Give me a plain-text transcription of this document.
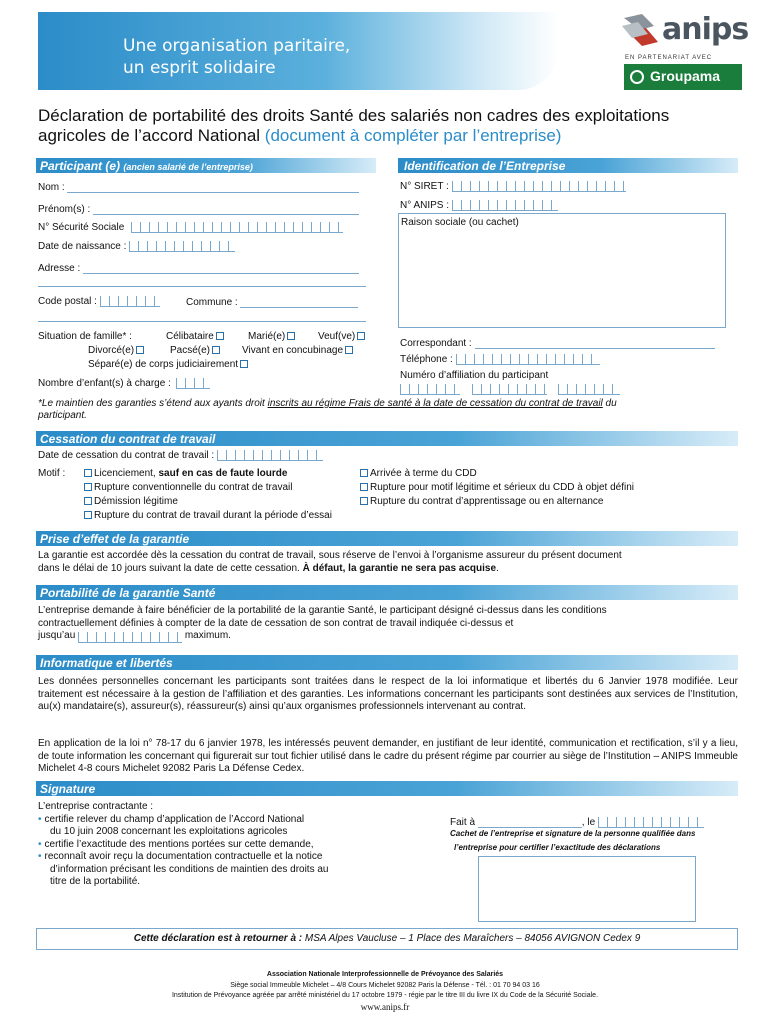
Une organisation paritaire,
un esprit solidaire
anips
EN PARTENARIAT AVEC
Groupama
Déclaration de portabilité des droits Santé des salariés non cadres des exploitations agricoles de l’accord National (document à compléter par l’entreprise)
Participant (e) (ancien salarié de l’entreprise)	Identification de l’Entreprise
Nom :
Prénom(s) :
N° Sécurité Sociale
Date de naissance :
Adresse :
Code postal :	Commune :
Situation de famille* :	Célibataire	Marié(e)	Veuf(ve)
Divorcé(e)	Pacsé(e)	Vivant en concubinage
Séparé(e) de corps judiciairement
Nombre d’enfant(s) à charge :
N° SIRET :
N° ANIPS :
Raison sociale (ou cachet)
Correspondant :
Téléphone :
Numéro d’affiliation du participant
*Le maintien des garanties s’étend aux ayants droit inscrits au régime Frais de santé à la date de cessation du contrat de travail du
participant.
Cessation du contrat de travail
Date de cessation du contrat de travail :
Motif :	Licenciement, sauf en cas de faute lourde
Rupture conventionnelle du contrat de travail
Démission légitime
Rupture du contrat de travail durant la période d’essai
Arrivée à terme du CDD
Rupture pour motif légitime et sérieux du CDD à objet défini
Rupture du contrat d’apprentissage ou en alternance
Prise d’effet de la garantie
La garantie est accordée dès la cessation du contrat de travail, sous réserve de l’envoi à l’organisme assureur du présent document
dans le délai de 10 jours suivant la date de cette cessation. À défaut, la garantie ne sera pas acquise.
Portabilité de la garantie Santé
L’entreprise demande à faire bénéficier de la portabilité de la garantie Santé, le participant désigné ci-dessus dans les conditions
contractuellement définies à compter de la date de cessation de son contrat de travail indiquée ci-dessus et
jusqu’au	maximum.
Informatique et libertés
Les données personnelles concernant les participants sont traitées dans le respect de la loi informatique et libertés du 6 Janvier 1978 modifiée. Leur traitement est nécessaire à la gestion de l’affiliation et des garanties. Les informations concernant les participants sont destinées aux services de l’Institution, au(x) mandataire(s), assureur(s), réassureur(s) ainsi qu’aux organismes professionnels intervenant au contrat.
En application de la loi n° 78-17 du 6 janvier 1978, les intéressés peuvent demander, en justifiant de leur identité, communication et rectification, s’il y a lieu, de toute information les concernant qui figurerait sur tout fichier utilisé dans le cadre du présent régime par courrier au siège de l’Institution – ANIPS Immeuble Michelet 4-8 cours Michelet 92082 Paris La Défense Cedex.
Signature
L’entreprise contractante :
• certifie relever du champ d’application de l’Accord National
du 10 juin 2008 concernant les exploitations agricoles
• certifie l’exactitude des mentions portées sur cette demande,
• reconnaît avoir reçu la documentation contractuelle et la notice
d’information précisant les conditions de maintien des droits au
titre de la portabilité.
Fait à	, le
Cachet de l’entreprise et signature de la personne qualifiée dans
l’entreprise pour certifier l’exactitude des déclarations
Cette déclaration est à retourner à : MSA Alpes Vaucluse – 1 Place des Maraîchers – 84056 AVIGNON Cedex 9
Association Nationale Interprofessionnelle de Prévoyance des Salariés
Siège social Immeuble Michelet – 4/8 Cours Michelet 92082 Paris la Défense - Tél. : 01 70 94 03 16
Institution de Prévoyance agréée par arrêté ministériel du 17 octobre 1979 - régie par le titre III du livre IX du Code de la Sécurité Sociale.
www.anips.fr
